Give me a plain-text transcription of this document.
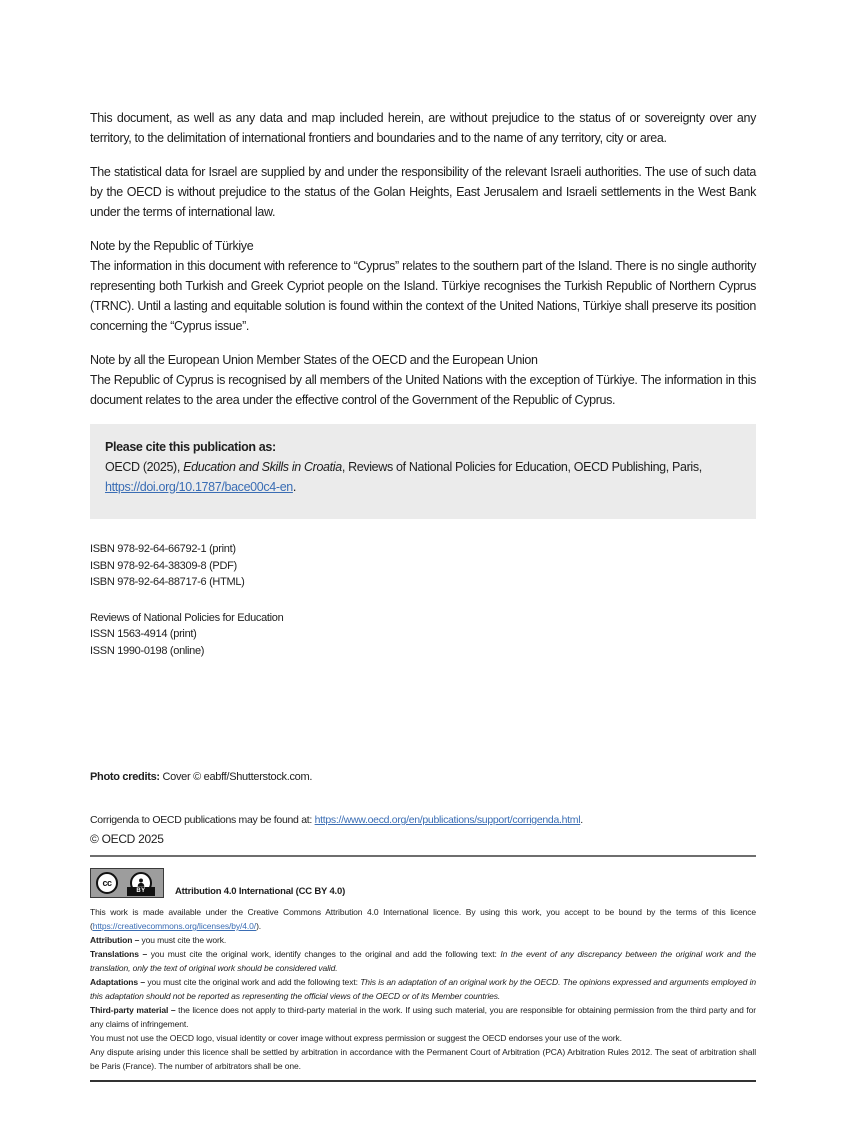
This document, as well as any data and map included herein, are without prejudice to the status of or sovereignty over any territory, to the delimitation of international frontiers and boundaries and to the name of any territory, city or area.

The statistical data for Israel are supplied by and under the responsibility of the relevant Israeli authorities. The use of such data by the OECD is without prejudice to the status of the Golan Heights, East Jerusalem and Israeli settlements in the West Bank under the terms of international law.

Note by the Republic of Türkiye
The information in this document with reference to “Cyprus” relates to the southern part of the Island. There is no single authority representing both Turkish and Greek Cypriot people on the Island. Türkiye recognises the Turkish Republic of Northern Cyprus (TRNC). Until a lasting and equitable solution is found within the context of the United Nations, Türkiye shall preserve its position concerning the “Cyprus issue”.

Note by all the European Union Member States of the OECD and the European Union
The Republic of Cyprus is recognised by all members of the United Nations with the exception of Türkiye. The information in this document relates to the area under the effective control of the Government of the Republic of Cyprus.

Please cite this publication as:

OECD (2025), Education and Skills in Croatia, Reviews of National Policies for Education, OECD Publishing, Paris,
https://doi.org/10.1787/bace00c4-en.

ISBN 978-92-64-66792-1 (print)
ISBN 978-92-64-38309-8 (PDF)
ISBN 978-92-64-88717-6 (HTML)
Reviews of National Policies for Education
ISSN 1563-4914 (print)
ISSN 1990-0198 (online)
Photo credits: Cover © eabff/Shutterstock.com.
Corrigenda to OECD publications may be found at: https://www.oecd.org/en/publications/support/corrigenda.html.
© OECD 2025
cc
BY	Attribution 4.0 International (CC BY 4.0)

This work is made available under the Creative Commons Attribution 4.0 International licence. By using this work, you accept to be bound by the terms of this licence (https://creativecommons.org/licenses/by/4.0/).

Attribution – you must cite the work.

Translations – you must cite the original work, identify changes to the original and add the following text: In the event of any discrepancy between the original work and the translation, only the text of original work should be considered valid.

Adaptations – you must cite the original work and add the following text: This is an adaptation of an original work by the OECD. The opinions expressed and arguments employed in this adaptation should not be reported as representing the official views of the OECD or of its Member countries.

Third-party material – the licence does not apply to third-party material in the work. If using such material, you are responsible for obtaining permission from the third party and for any claims of infringement.

You must not use the OECD logo, visual identity or cover image without express permission or suggest the OECD endorses your use of the work.

Any dispute arising under this licence shall be settled by arbitration in accordance with the Permanent Court of Arbitration (PCA) Arbitration Rules 2012. The seat of arbitration shall be Paris (France). The number of arbitrators shall be one.
